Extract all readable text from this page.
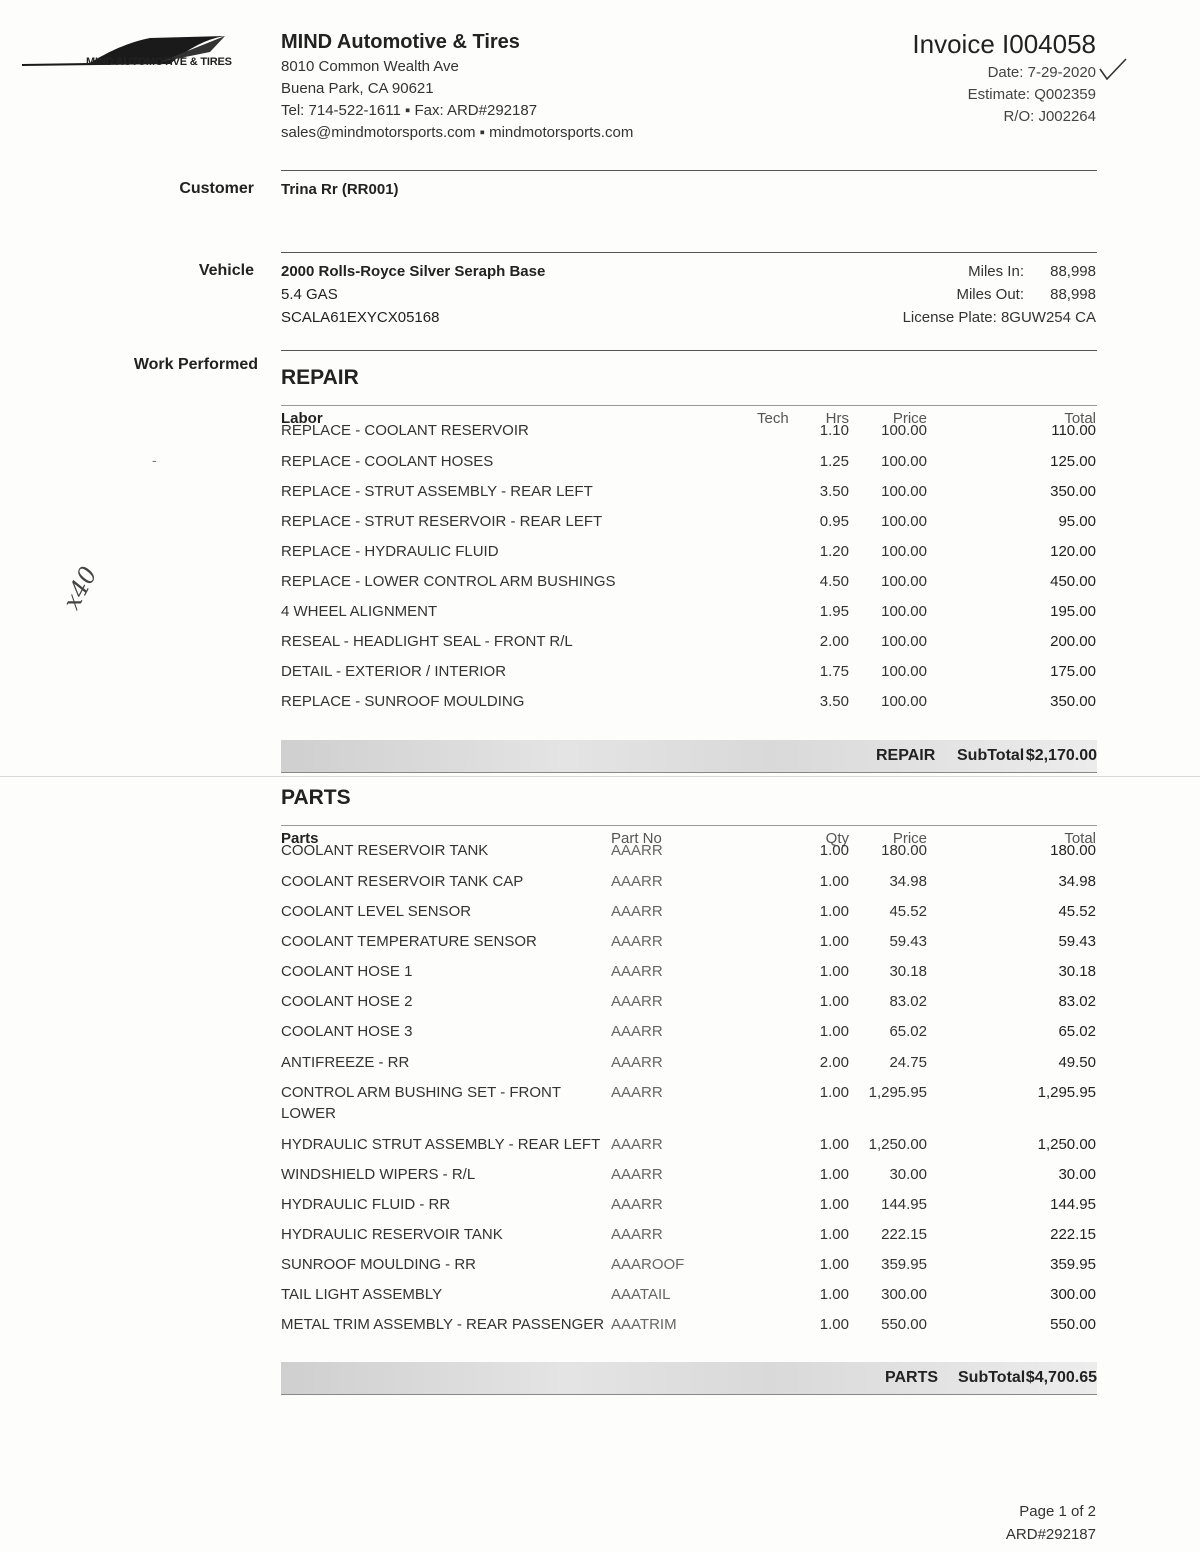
MIND AUTOMOTIVE & TIRES
MIND Automotive & Tires
8010 Common Wealth Ave
Buena Park, CA 90621
Tel: 714-522-1611 ▪ Fax: ARD#292187
sales@mindmotorsports.com ▪ mindmotorsports.com
Invoice I004058
Date: 7-29-2020
Estimate: Q002359
R/O: J002264
Customer Trina Rr (RR001)
Vehicle 2000 Rolls-Royce Silver Seraph Base
5.4 GAS
SCALA61EXYCX05168
Miles In:	88,998
Miles Out:	88,998
License Plate: 8GUW254 CA
Work Performed
-
REPAIR
Labor	Tech	Hrs	Price	Total
REPLACE - COOLANT RESERVOIR	1.10	100.00	110.00
REPLACE - COOLANT HOSES	1.25	100.00	125.00
REPLACE - STRUT ASSEMBLY - REAR LEFT	3.50	100.00	350.00
REPLACE - STRUT RESERVOIR - REAR LEFT	0.95	100.00	95.00
REPLACE - HYDRAULIC FLUID	1.20	100.00	120.00
REPLACE - LOWER CONTROL ARM BUSHINGS	4.50	100.00	450.00
4 WHEEL ALIGNMENT	1.95	100.00	195.00
RESEAL - HEADLIGHT SEAL - FRONT R/L	2.00	100.00	200.00
DETAIL - EXTERIOR / INTERIOR	1.75	100.00	175.00
REPLACE - SUNROOF MOULDING	3.50	100.00	350.00
REPAIR SubTotal $2,170.00
PARTS
Parts	Part No	Qty	Price	Total
COOLANT RESERVOIR TANK	AAARR	1.00	180.00	180.00
COOLANT RESERVOIR TANK CAP	AAARR	1.00	34.98	34.98
COOLANT LEVEL SENSOR	AAARR	1.00	45.52	45.52
COOLANT TEMPERATURE SENSOR	AAARR	1.00	59.43	59.43
COOLANT HOSE 1	AAARR	1.00	30.18	30.18
COOLANT HOSE 2	AAARR	1.00	83.02	83.02
COOLANT HOSE 3	AAARR	1.00	65.02	65.02
ANTIFREEZE - RR	AAARR	2.00	24.75	49.50
CONTROL ARM BUSHING SET - FRONT
LOWER
AAARR	1.00	1,295.95	1,295.95
HYDRAULIC STRUT ASSEMBLY - REAR LEFT AAARR	1.00	1,250.00	1,250.00
WINDSHIELD WIPERS - R/L	AAARR	1.00	30.00	30.00
HYDRAULIC FLUID - RR	AAARR	1.00	144.95	144.95
HYDRAULIC RESERVOIR TANK	AAARR	1.00	222.15	222.15
SUNROOF MOULDING - RR	AAAROOF	1.00	359.95	359.95
TAIL LIGHT ASSEMBLY	AAATAIL	1.00	300.00	300.00
METAL TRIM ASSEMBLY - REAR PASSENGER AAATRIM	1.00	550.00	550.00
PARTS SubTotal $4,700.65
x40
Page 1 of 2
ARD#292187
